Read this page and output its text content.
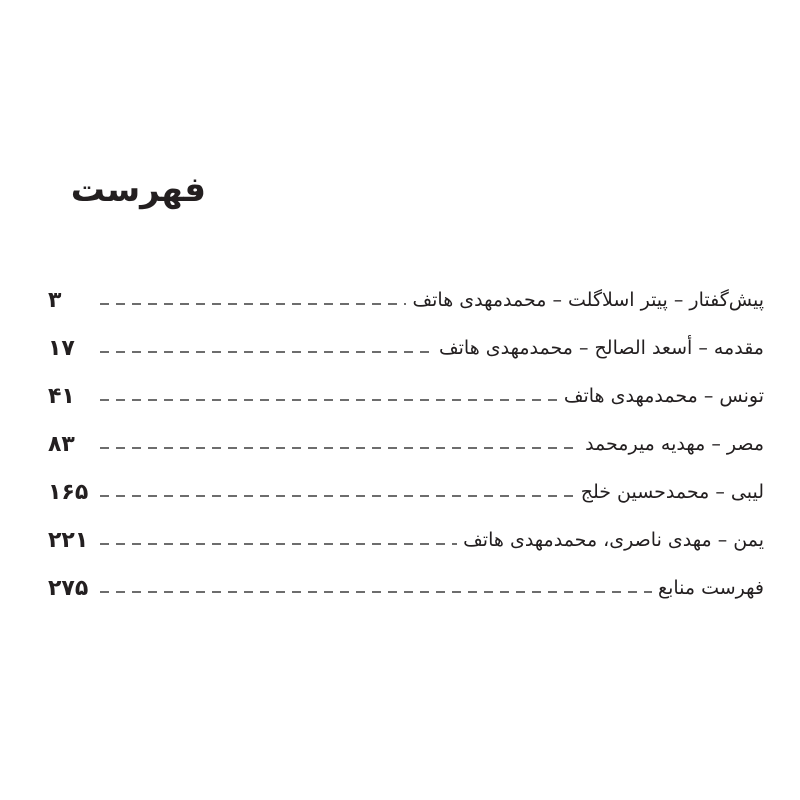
فهرست
۳	پیش‌گفتار – پیتر اسلاگلت – محمدمهدی هاتف
۱۷	مقدمه – أسعد الصالح – محمدمهدی هاتف
۴۱	تونس – محمدمهدی هاتف
۸۳	مصر – مهدیه میرمحمد
۱۶۵	لیبی – محمدحسین خلج
۲۲۱	یمن – مهدی ناصری، محمدمهدی هاتف
۲۷۵	فهرست منابع
